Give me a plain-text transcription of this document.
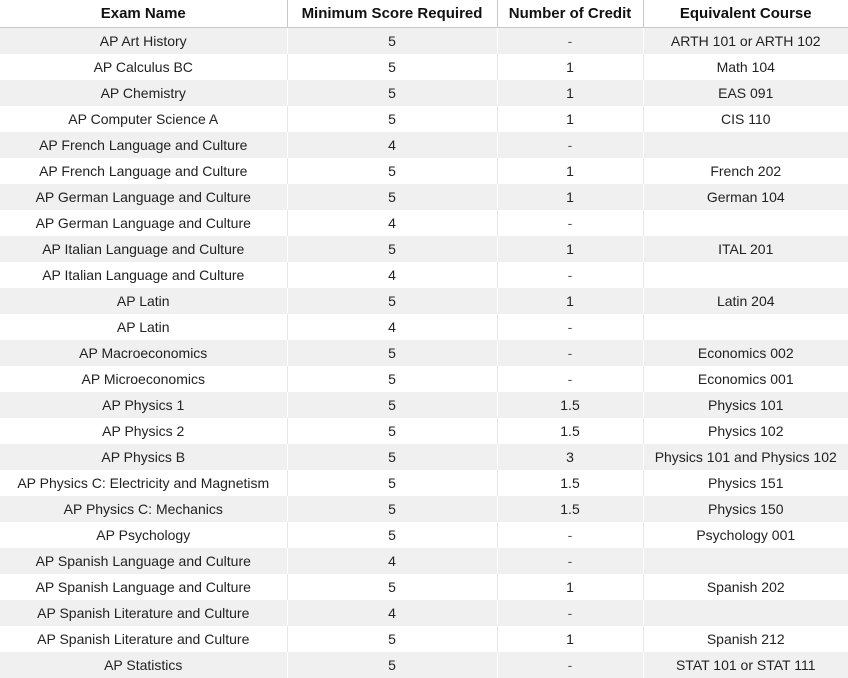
Exam Name	Minimum Score Required	Number of Credit	Equivalent Course
AP Art History	5	-	ARTH 101 or ARTH 102
AP Calculus BC	5	1	Math 104
AP Chemistry	5	1	EAS 091
AP Computer Science A	5	1	CIS 110
AP French Language and Culture	4	-	
AP French Language and Culture	5	1	French 202
AP German Language and Culture	5	1	German 104
AP German Language and Culture	4	-	
AP Italian Language and Culture	5	1	ITAL 201
AP Italian Language and Culture	4	-	
AP Latin	5	1	Latin 204
AP Latin	4	-	
AP Macroeconomics	5	-	Economics 002
AP Microeconomics	5	-	Economics 001
AP Physics 1	5	1.5	Physics 101
AP Physics 2	5	1.5	Physics 102
AP Physics B	5	3	Physics 101 and Physics 102
AP Physics C: Electricity and Magnetism	5	1.5	Physics 151
AP Physics C: Mechanics	5	1.5	Physics 150
AP Psychology	5	-	Psychology 001
AP Spanish Language and Culture	4	-	
AP Spanish Language and Culture	5	1	Spanish 202
AP Spanish Literature and Culture	4	-	
AP Spanish Literature and Culture	5	1	Spanish 212
AP Statistics	5	-	STAT 101 or STAT 111
